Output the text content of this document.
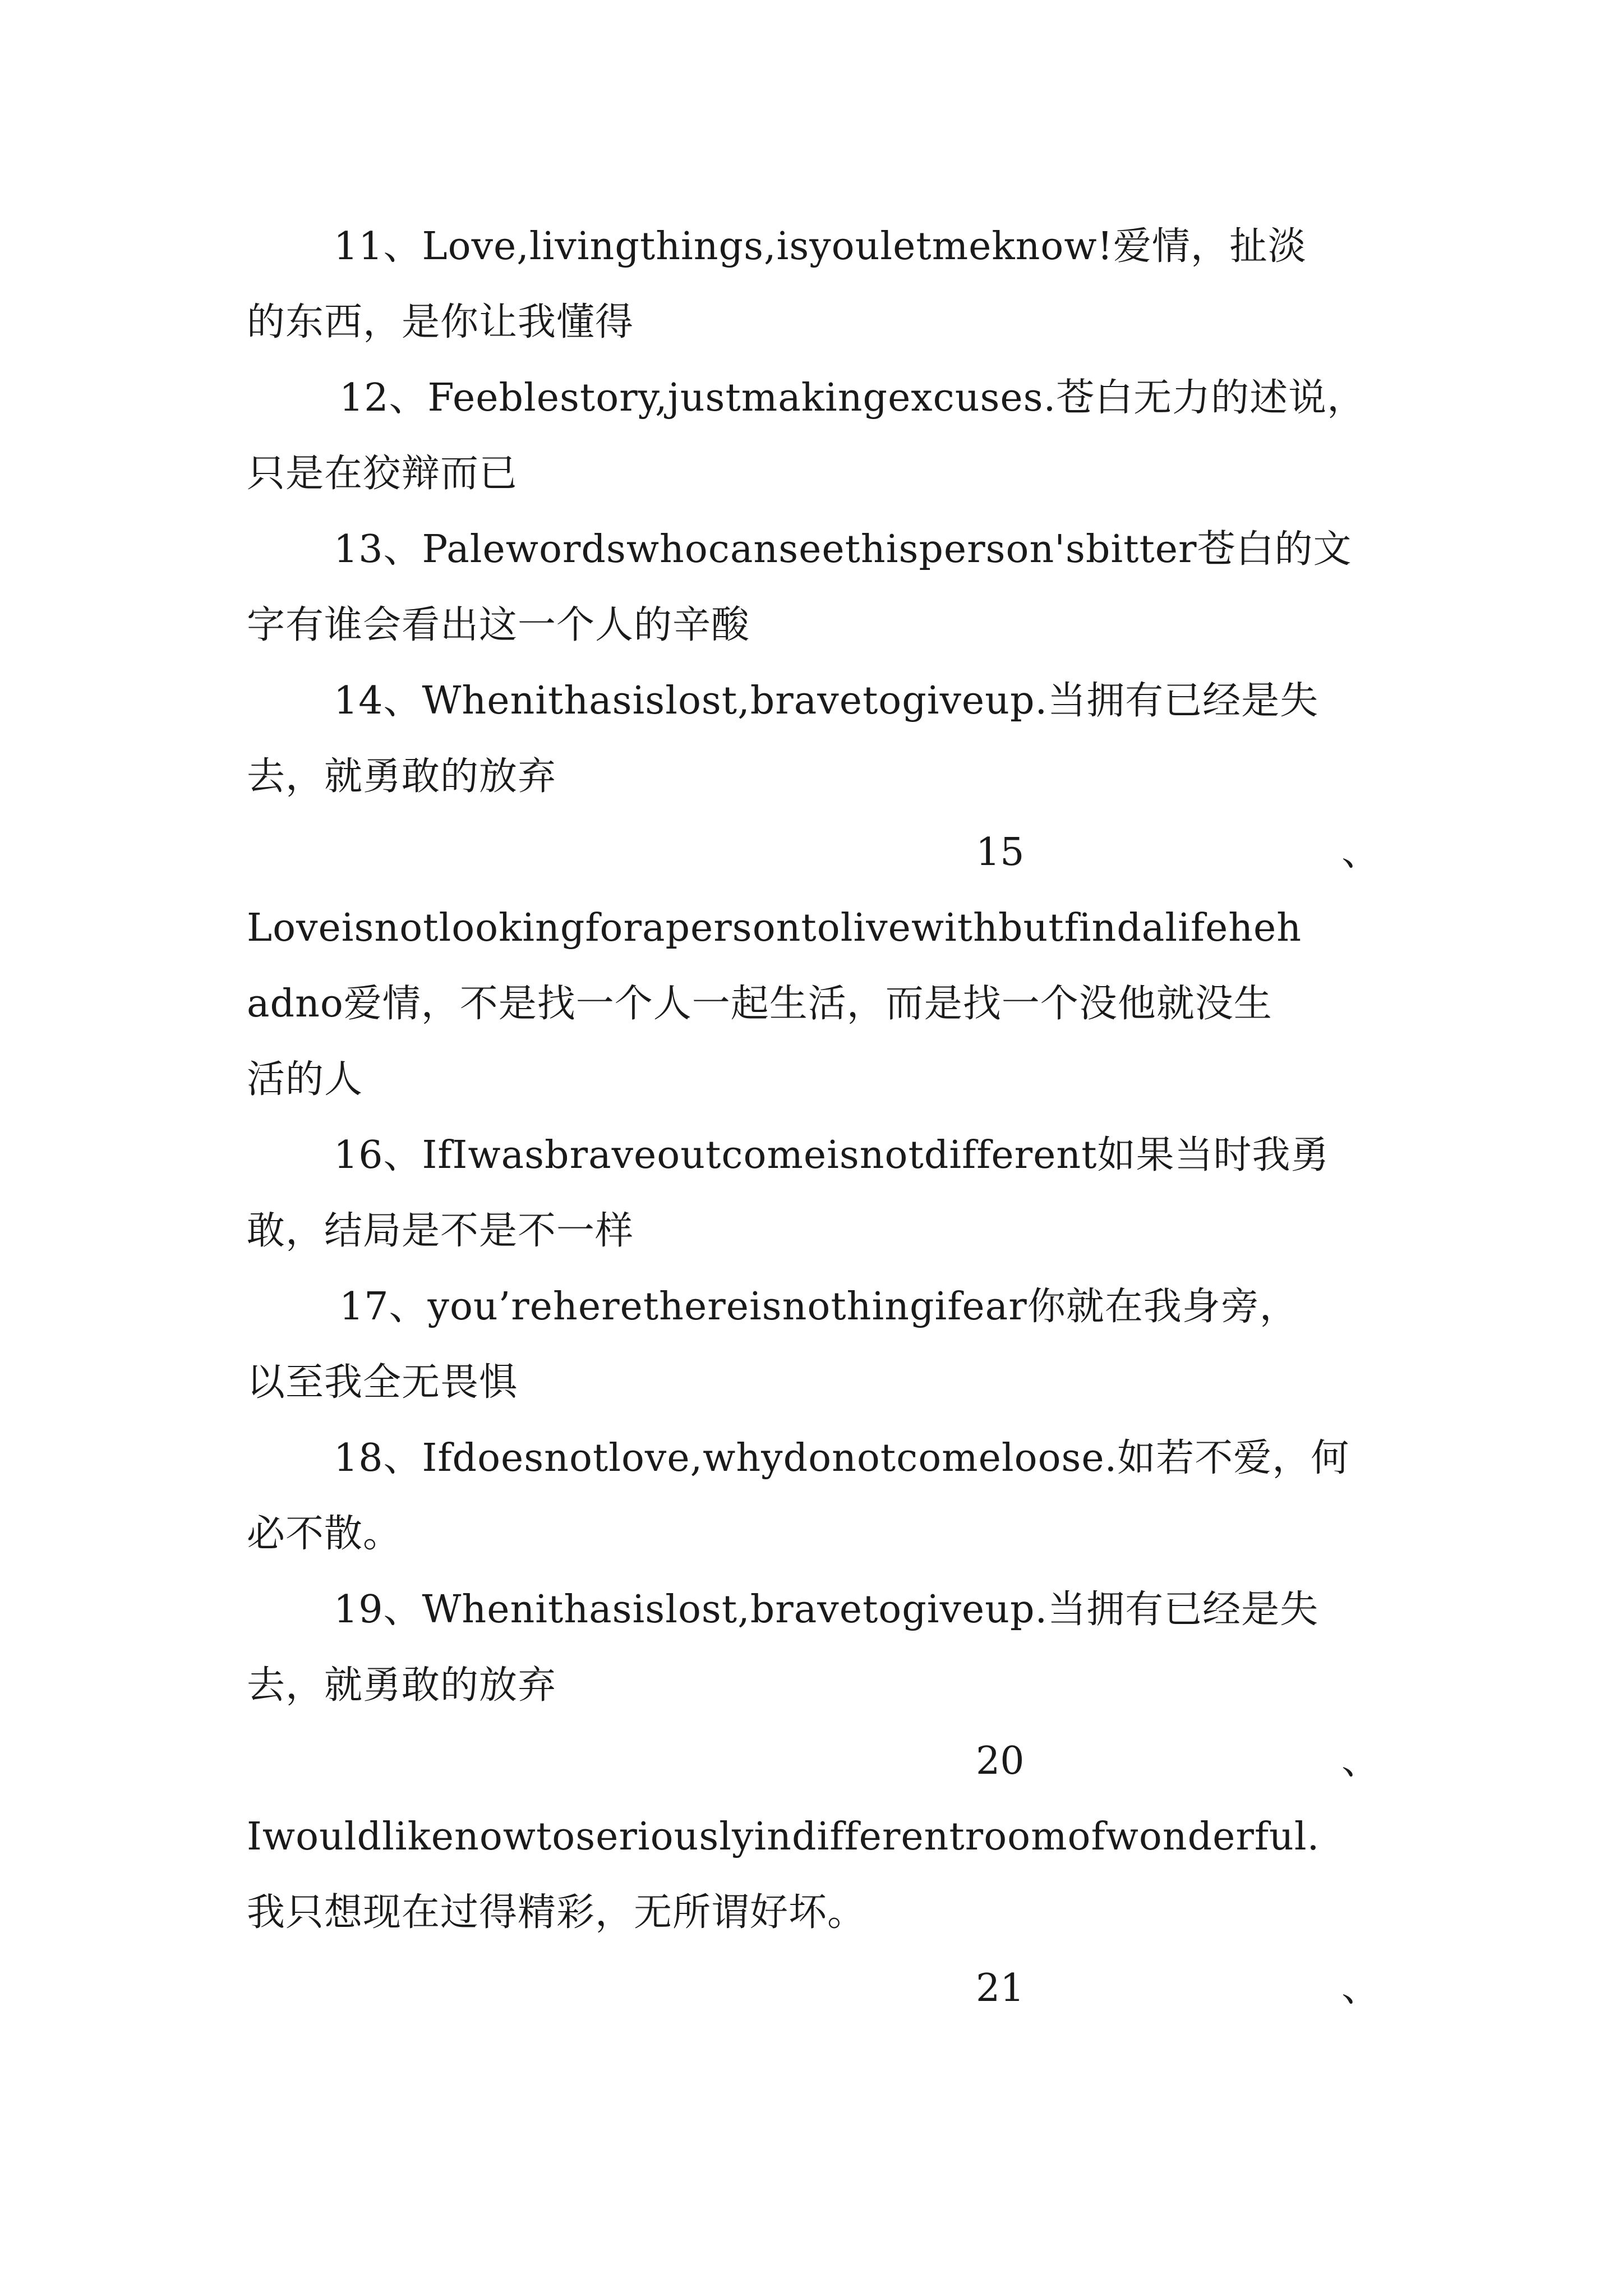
11、Love,livingthings,isyouletmeknow!爱情，扯淡
的东西，是你让我懂得
12、Feeblestory,justmakingexcuses.苍白无力的述说，
只是在狡辩而已
13、Palewordswhocanseethisperson'sbitter苍白的文
字有谁会看出这一个人的辛酸
14、Whenithasislost,bravetogiveup.当拥有已经是失
去，就勇敢的放弃
15	、
Loveisnotlookingforapersontolivewithbutfindalifeheh
adno爱情，不是找一个人一起生活，而是找一个没他就没生
活的人
16、IfIwasbraveoutcomeisnotdifferent如果当时我勇
敢，结局是不是不一样
17、you’reherethereisnothingifear你就在我身旁，
以至我全无畏惧
18、Ifdoesnotlove,whydonotcomeloose.如若不爱，何
必不散。
19、Whenithasislost,bravetogiveup.当拥有已经是失
去，就勇敢的放弃
20	、
Iwouldlikenowtoseriouslyindifferentroomofwonderful.
我只想现在过得精彩，无所谓好坏。
21	、
